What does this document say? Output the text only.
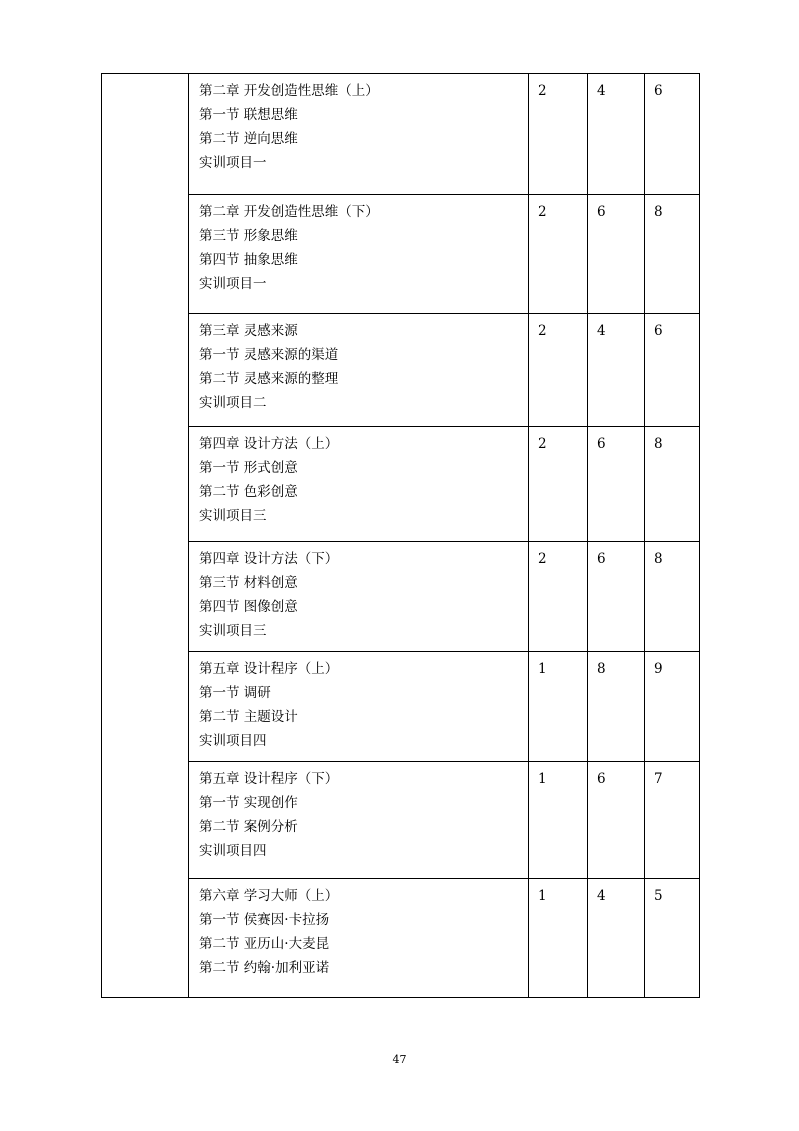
	第二章 开发创造性思维（上）
第一节 联想思维
第二节 逆向思维
实训项目一	2	4	6

	第二章 开发创造性思维（下）
第三节 形象思维
第四节 抽象思维
实训项目一	2	6	8

	第三章 灵感来源
第一节 灵感来源的渠道
第二节 灵感来源的整理
实训项目二	2	4	6

	第四章 设计方法（上）
第一节 形式创意
第二节 色彩创意
实训项目三	2	6	8

	第四章 设计方法（下）
第三节 材料创意
第四节 图像创意
实训项目三	2	6	8

	第五章 设计程序（上）
第一节 调研
第二节 主题设计
实训项目四	1	8	9

	第五章 设计程序（下）
第一节 实现创作
第二节 案例分析
实训项目四	1	6	7

	第六章 学习大师（上）
第一节 侯赛因·卡拉扬
第二节 亚历山·大麦昆
第二节 约翰·加利亚诺	1	4	5
47
